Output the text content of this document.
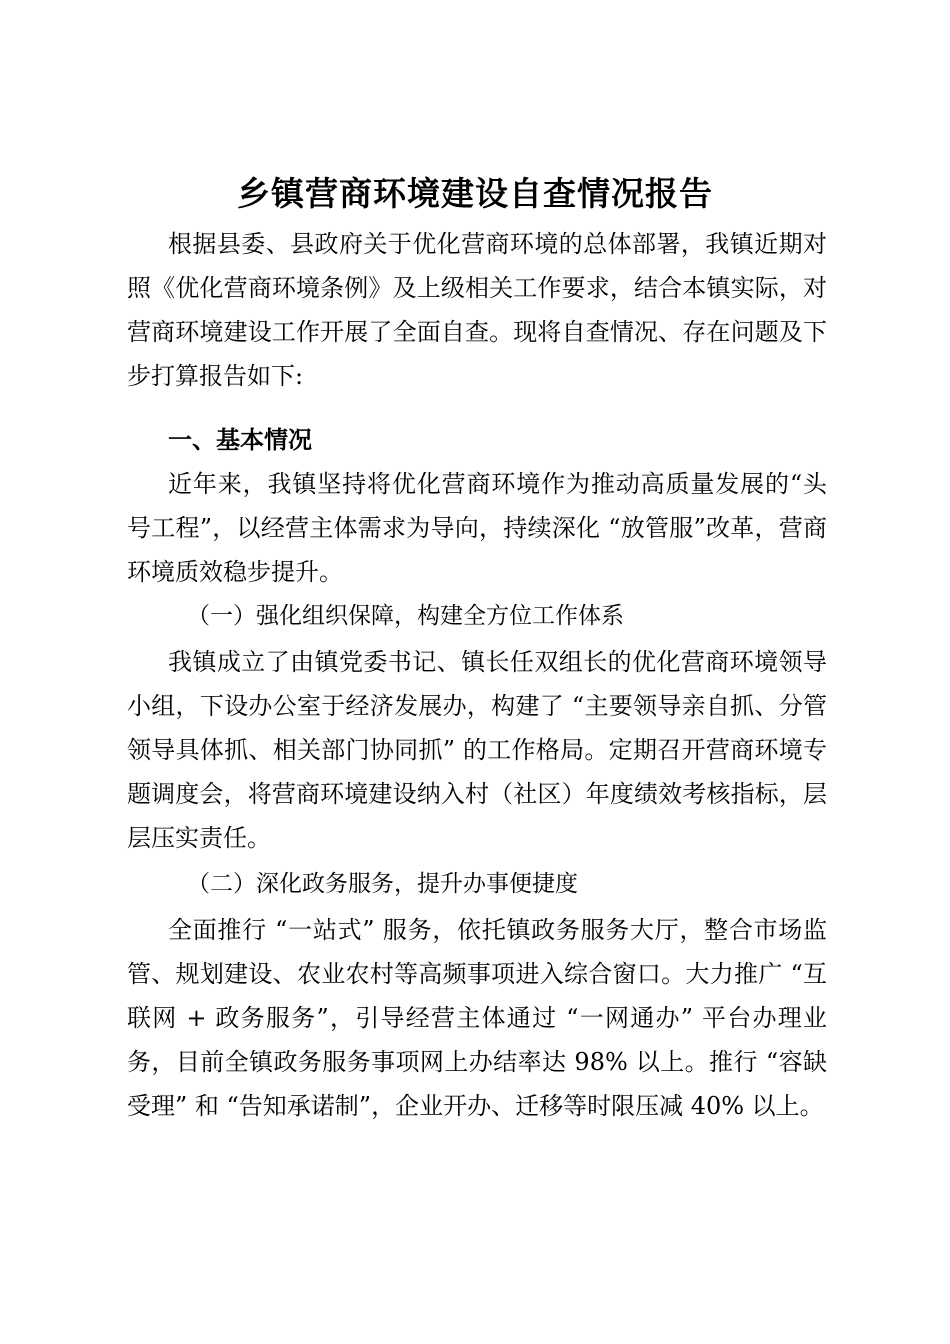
乡镇营商环境建设自查情况报告

根据县委、县政府关于优化营商环境的总体部署，我镇近期对照《优化营商环境条例》及上级相关工作要求，结合本镇实际，对营商环境建设工作开展了全面自查。现将自查情况、存在问题及下步打算报告如下:

一、基本情况

近年来，我镇坚持将优化营商环境作为推动高质量发展的“头号工程”，以经营主体需求为导向，持续深化 “放管服”改革，营商环境质效稳步提升。

（一）强化组织保障，构建全方位工作体系

我镇成立了由镇党委书记、镇长任双组长的优化营商环境领导小组，下设办公室于经济发展办，构建了 “主要领导亲自抓、分管领导具体抓、相关部门协同抓” 的工作格局。定期召开营商环境专题调度会，将营商环境建设纳入村（社区）年度绩效考核指标，层层压实责任。

（二）深化政务服务，提升办事便捷度

全面推行 “一站式” 服务，依托镇政务服务大厅，整合市场监管、规划建设、农业农村等高频事项进入综合窗口。大力推广 “互联网 + 政务服务”，引导经营主体通过 “一网通办” 平台办理业务，目前全镇政务服务事项网上办结率达 98% 以上。推行 “容缺受理” 和 “告知承诺制”，企业开办、迁移等时限压减 40% 以上。
